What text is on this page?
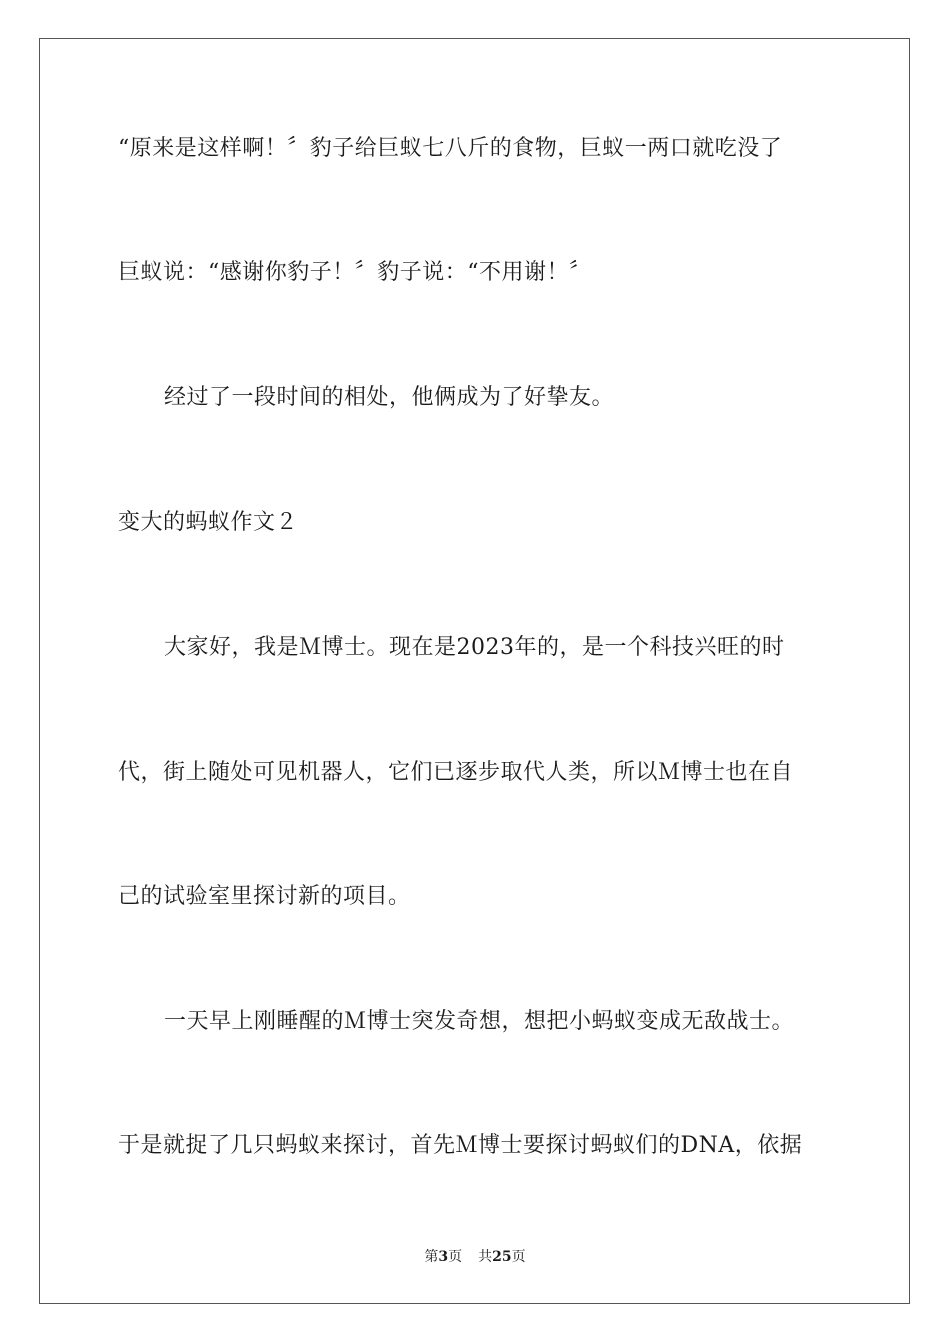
“原来是这样啊！〞豹子给巨蚁七八斤的食物，巨蚁一两口就吃没了
巨蚁说：“感谢你豹子！〞豹子说：“不用谢！〞
经过了一段时间的相处，他俩成为了好挚友。
变大的蚂蚁作文２
大家好，我是Ｍ博士。现在是2023年的，是一个科技兴旺的时
代，街上随处可见机器人，它们已逐步取代人类，所以Ｍ博士也在自
己的试验室里探讨新的项目。
一天早上刚睡醒的Ｍ博士突发奇想，想把小蚂蚁变成无敌战士。
于是就捉了几只蚂蚁来探讨，首先Ｍ博士要探讨蚂蚁们的DNA，依据
第3页 共25页
